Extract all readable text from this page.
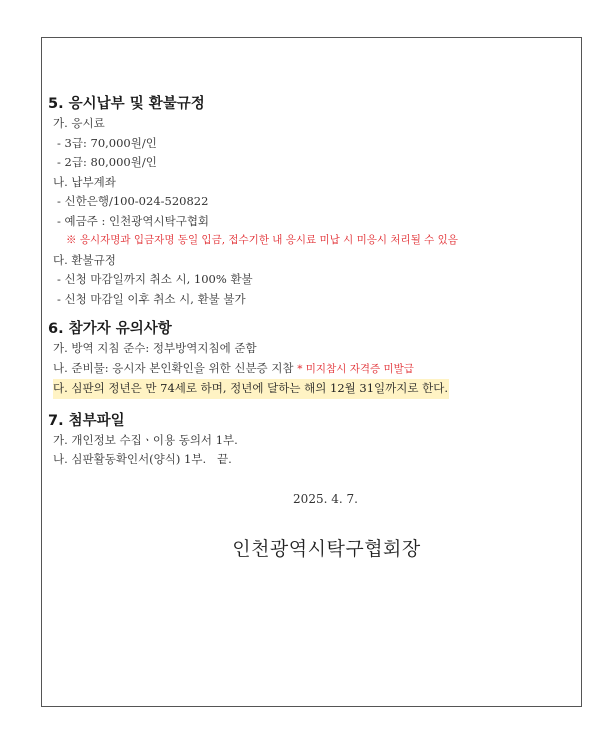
5. 응시납부 및 환불규정
가. 응시료
- 3급: 70,000원/인
- 2급: 80,000원/인
나. 납부계좌
- 신한은행/100-024-520822
- 예금주 : 인천광역시탁구협회
※ 응시자명과 입금자명 동일 입금, 접수기한 내 응시료 미납 시 미응시 처리될 수 있음
다. 환불규정
- 신청 마감일까지 취소 시, 100% 환불
- 신청 마감일 이후 취소 시, 환불 불가
6. 참가자 유의사항
가. 방역 지침 준수: 정부방역지침에 준함
나. 준비물: 응시자 본인확인을 위한 신분증 지참 * 미지참시 자격증 미발급
다. 심판의 정년은 만 74세로 하며, 정년에 달하는 해의 12월 31일까지로 한다.
7. 첨부파일
가. 개인정보 수집ㆍ이용 동의서 1부.
나. 심판활동확인서(양식) 1부.   끝.
2025. 4. 7.
인천광역시탁구협회장
